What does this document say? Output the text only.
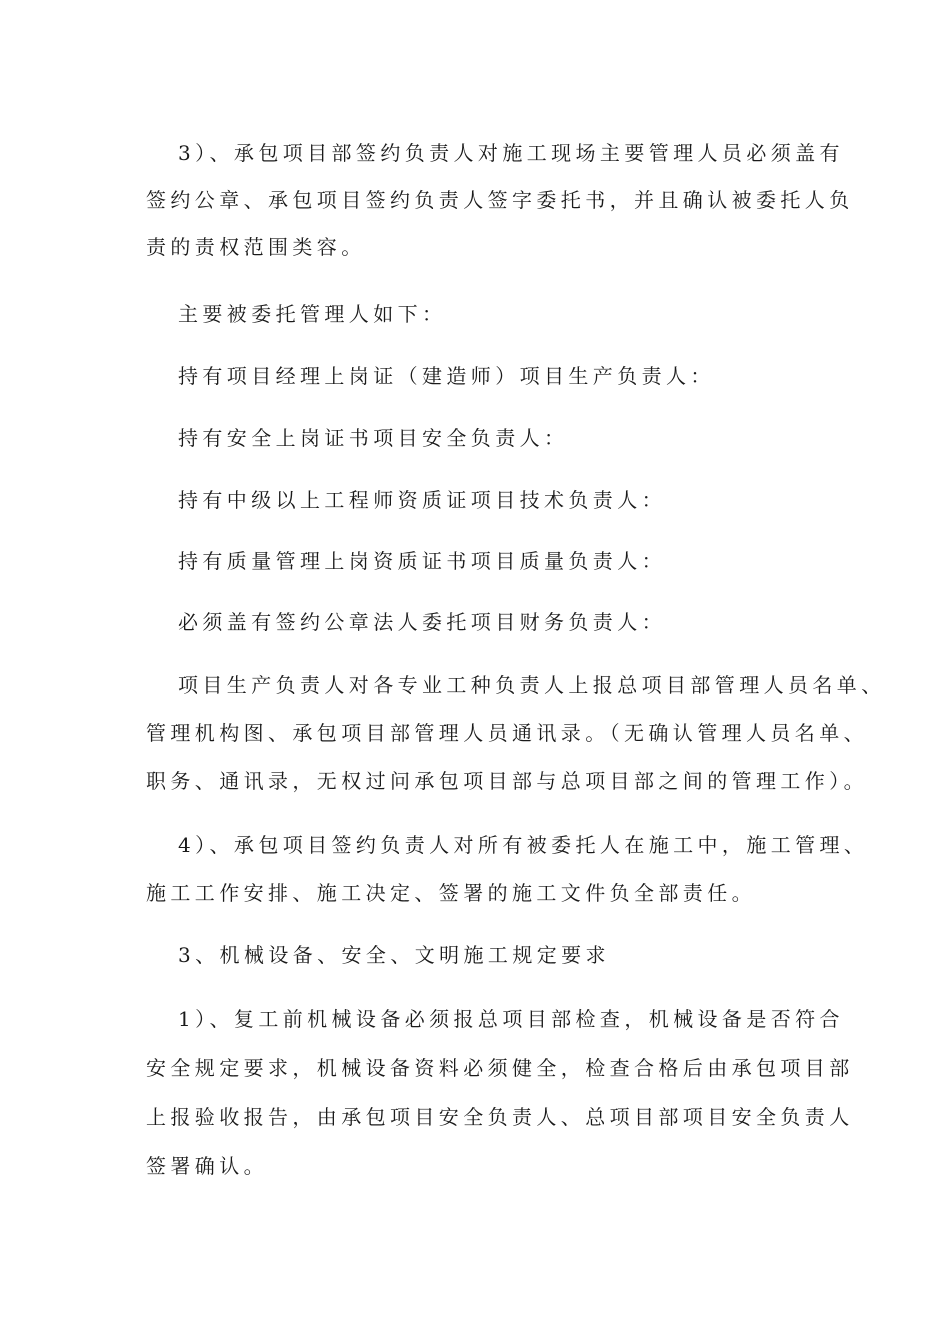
3）、承包项目部签约负责人对施工现场主要管理人员必须盖有
签约公章、承包项目签约负责人签字委托书，并且确认被委托人负
责的责权范围类容。
主要被委托管理人如下：
持有项目经理上岗证（建造师）项目生产负责人：
持有安全上岗证书项目安全负责人：
持有中级以上工程师资质证项目技术负责人：
持有质量管理上岗资质证书项目质量负责人：
必须盖有签约公章法人委托项目财务负责人：
项目生产负责人对各专业工种负责人上报总项目部管理人员名单、
管理机构图、承包项目部管理人员通讯录。（无确认管理人员名单、
职务、通讯录，无权过问承包项目部与总项目部之间的管理工作）。
4）、承包项目签约负责人对所有被委托人在施工中，施工管理、
施工工作安排、施工决定、签署的施工文件负全部责任。
3、机械设备、安全、文明施工规定要求
1）、复工前机械设备必须报总项目部检查，机械设备是否符合
安全规定要求，机械设备资料必须健全，检查合格后由承包项目部
上报验收报告，由承包项目安全负责人、总项目部项目安全负责人
签署确认。
